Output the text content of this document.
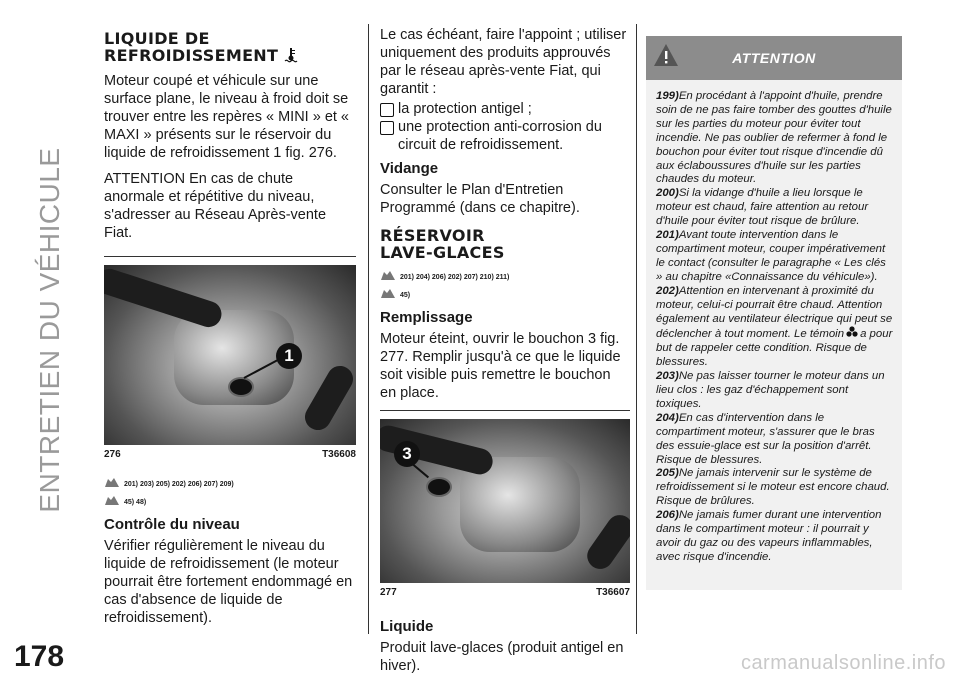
ENTRETIEN DU VÉHICULE
178	carmanualsonline.info
LIQUIDE DE
REFROIDISSEMENT

Moteur coupé et véhicule sur une surface plane, le niveau à froid doit se trouver entre les repères « MINI » et « MAXI » présents sur le réservoir du liquide de refroidissement 1 fig. 276.

ATTENTION En cas de chute anormale et répétitive du niveau, s'adresser au Réseau Après-vente Fiat.

1
276	T36608
201) 203) 205) 202) 206) 207) 209)
45) 48)
Contrôle du niveau

Vérifier régulièrement le niveau du liquide de refroidissement (le moteur pourrait être fortement endommagé en cas d'absence de liquide de refroidissement).

Le cas échéant, faire l'appoint ; utiliser uniquement des produits approuvés par le réseau après-vente Fiat, qui garantit :

la protection antigel ;
une protection anti-corrosion du circuit de refroidissement.
Vidange

Consulter le Plan d'Entretien Programmé (dans ce chapitre).

RÉSERVOIR
LAVE-GLACES
201) 204) 206) 202) 207) 210) 211)
45)
Remplissage

Moteur éteint, ouvrir le bouchon 3 fig. 277. Remplir jusqu'à ce que le liquide soit visible puis remettre le bouchon en place.

3
277	T36607
Liquide

Produit lave-glaces (produit antigel en hiver).

ATTENTION

199)En procédant à l'appoint d'huile, prendre soin de ne pas faire tomber des gouttes d'huile sur les parties du moteur pour éviter tout incendie. Ne pas oublier de refermer à fond le bouchon pour éviter tout risque d'incendie dû aux éclaboussures d'huile sur les parties chaudes du moteur.

200)Si la vidange d'huile a lieu lorsque le moteur est chaud, faire attention au retour d'huile pour éviter tout risque de brûlure.

201)Avant toute intervention dans le compartiment moteur, couper impérativement le contact (consulter le paragraphe « Les clés » au chapitre «Connaissance du véhicule»).

202)Attention en intervenant à proximité du moteur, celui-ci pourrait être chaud. Attention également au ventilateur électrique qui peut se déclencher à tout moment. Le témoin a pour but de rappeler cette condition. Risque de blessures.

203)Ne pas laisser tourner le moteur dans un lieu clos : les gaz d'échappement sont toxiques.

204)En cas d'intervention dans le compartiment moteur, s'assurer que le bras des essuie-glace est sur la position d'arrêt. Risque de blessures.

205)Ne jamais intervenir sur le système de refroidissement si le moteur est encore chaud. Risque de brûlures.

206)Ne jamais fumer durant une intervention dans le compartiment moteur : il pourrait y avoir du gaz ou des vapeurs inflammables, avec risque d'incendie.
